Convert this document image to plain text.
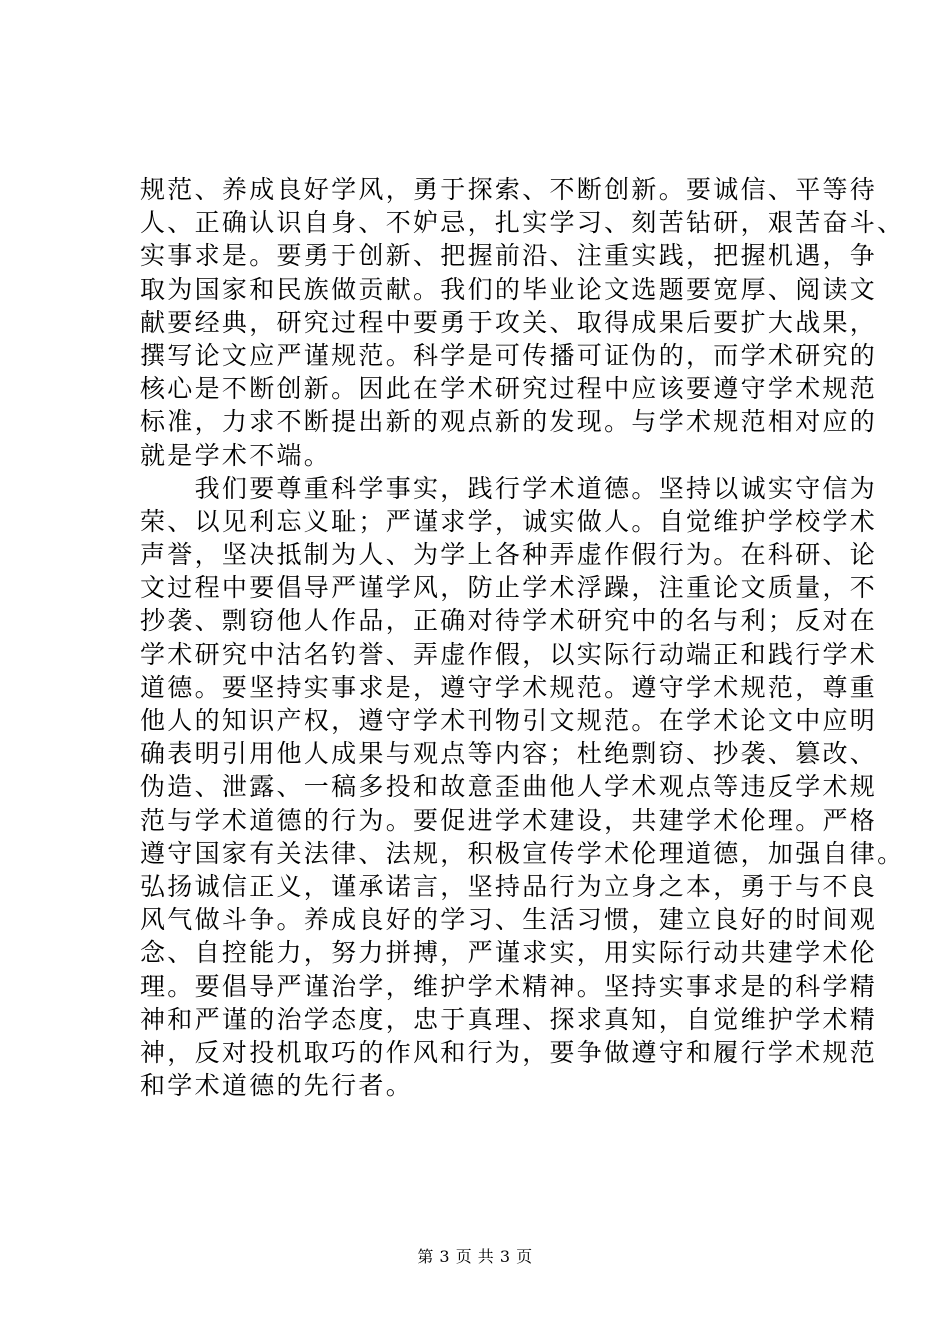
规范、养成良好学风，勇于探索、不断创新。要诚信、平等待
人、正确认识自身、不妒忌，扎实学习、刻苦钻研，艰苦奋斗、
实事求是。要勇于创新、把握前沿、注重实践，把握机遇，争
取为国家和民族做贡献。我们的毕业论文选题要宽厚、阅读文
献要经典，研究过程中要勇于攻关、取得成果后要扩大战果，
撰写论文应严谨规范。科学是可传播可证伪的，而学术研究的
核心是不断创新。因此在学术研究过程中应该要遵守学术规范
标准，力求不断提出新的观点新的发现。与学术规范相对应的
就是学术不端。
　　我们要尊重科学事实，践行学术道德。坚持以诚实守信为
荣、以见利忘义耻；严谨求学，诚实做人。自觉维护学校学术
声誉，坚决抵制为人、为学上各种弄虚作假行为。在科研、论
文过程中要倡导严谨学风，防止学术浮躁，注重论文质量，不
抄袭、剽窃他人作品，正确对待学术研究中的名与利；反对在
学术研究中沽名钓誉、弄虚作假，以实际行动端正和践行学术
道德。要坚持实事求是，遵守学术规范。遵守学术规范，尊重
他人的知识产权，遵守学术刊物引文规范。在学术论文中应明
确表明引用他人成果与观点等内容；杜绝剽窃、抄袭、篡改、
伪造、泄露、一稿多投和故意歪曲他人学术观点等违反学术规
范与学术道德的行为。要促进学术建设，共建学术伦理。严格
遵守国家有关法律、法规，积极宣传学术伦理道德，加强自律。
弘扬诚信正义，谨承诺言，坚持品行为立身之本，勇于与不良
风气做斗争。养成良好的学习、生活习惯，建立良好的时间观
念、自控能力，努力拼搏，严谨求实，用实际行动共建学术伦
理。要倡导严谨治学，维护学术精神。坚持实事求是的科学精
神和严谨的治学态度，忠于真理、探求真知，自觉维护学术精
神，反对投机取巧的作风和行为，要争做遵守和履行学术规范
和学术道德的先行者。
第 3 页 共 3 页
